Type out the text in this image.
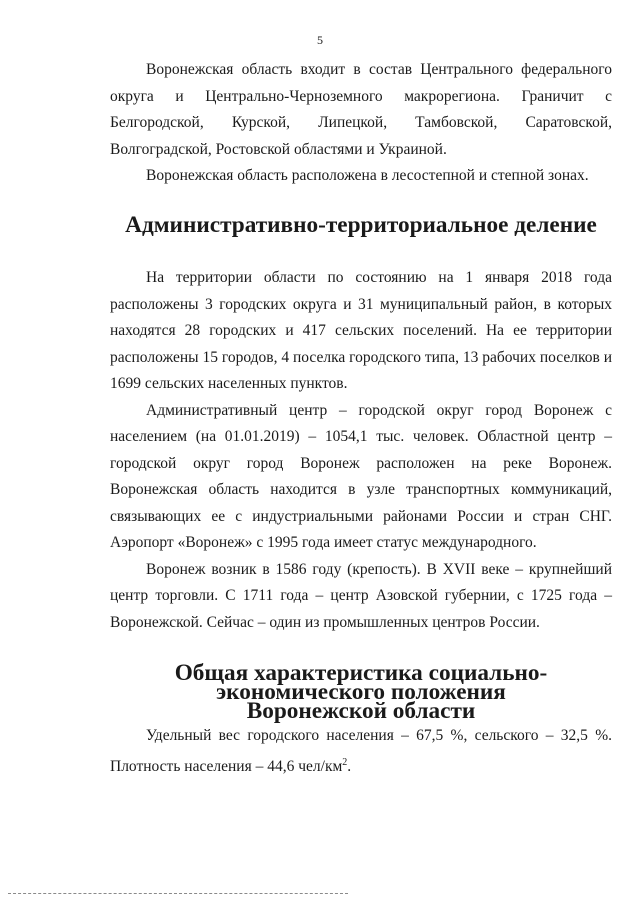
5

Воронежская область входит в состав Центрального федерального округа и Центрально-Черноземного макрорегиона. Граничит с Белгородской, Курской, Липецкой, Тамбовской, Саратовской, Волгоградской, Ростовской областями и Украиной.

Воронежская область расположена в лесостепной и степной зонах.

Административно-территориальное деление

На территории области по состоянию на 1 января 2018 года расположены 3 городских округа и 31 муниципальный район, в которых находятся 28 городских и 417 сельских поселений. На ее территории расположены 15 городов, 4 поселка городского типа, 13 рабочих поселков и 1699 сельских населенных пунктов.

Административный центр – городской округ город Воронеж с населением (на 01.01.2019) – 1054,1 тыс. человек. Областной центр – городской округ город Воронеж расположен на реке Воронеж. Воронежская область находится в узле транспортных коммуникаций, связывающих ее с индустриальными районами России и стран СНГ. Аэропорт «Воронеж» с 1995 года имеет статус международного.

Воронеж возник в 1586 году (крепость). В XVII веке – крупнейший центр торговли. С 1711 года – центр Азовской губернии, с 1725 года – Воронежской. Сейчас – один из промышленных центров России.

Общая характеристика социально-экономического положения
Воронежской области

Удельный вес городского населения – 67,5 %, сельского – 32,5 %. Плотность населения – 44,6 чел/$км^2$.
